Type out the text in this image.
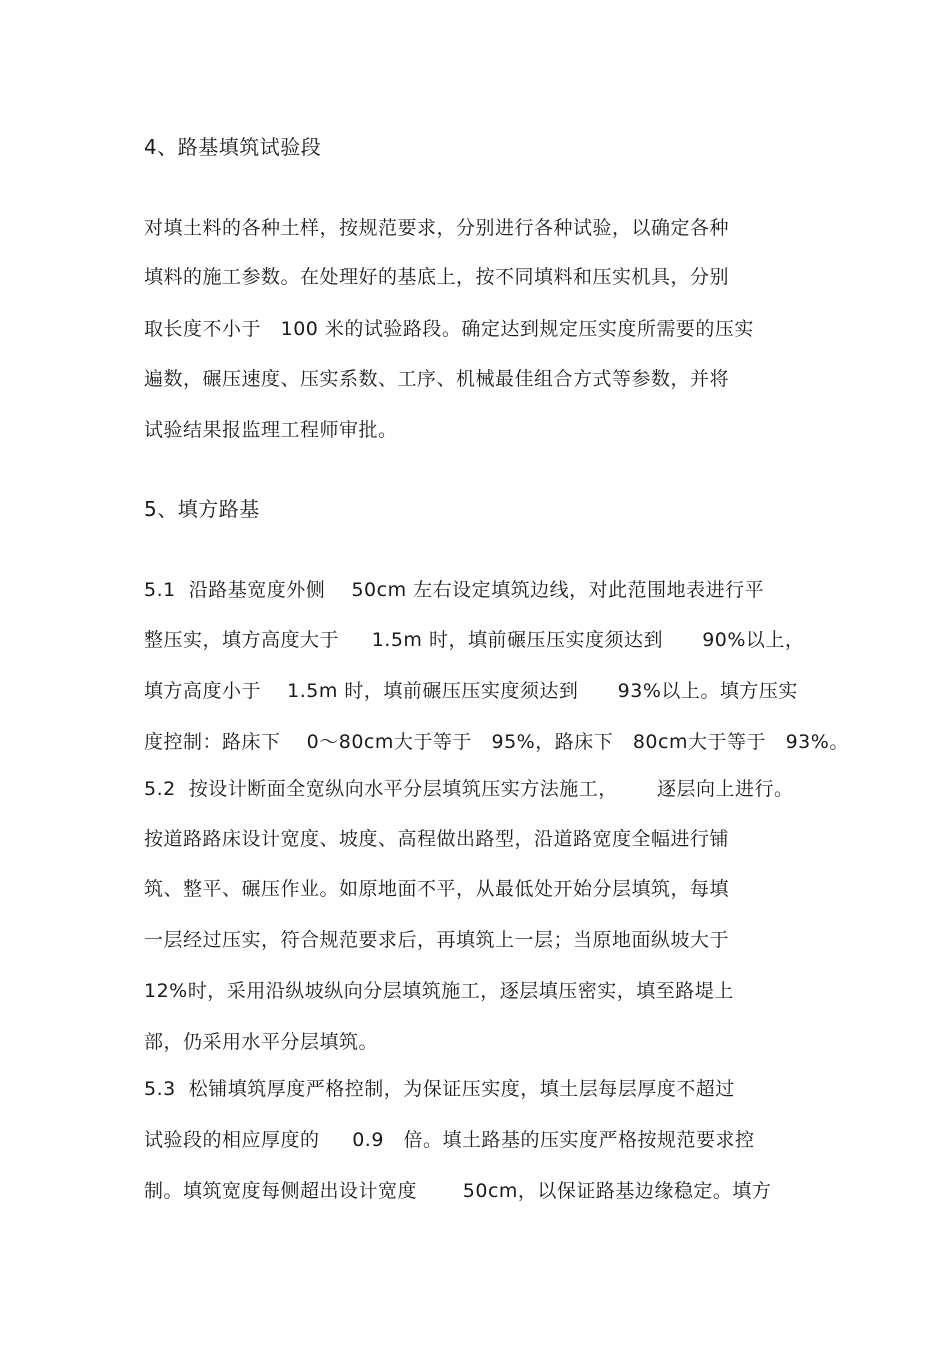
4、路基填筑试验段
对填土料的各种土样，按规范要求，分别进行各种试验，以确定各种
填料的施工参数。在处理好的基底上，按不同填料和压实机具，分别
取长度不小于   100 米的试验路段。确定达到规定压实度所需要的压实
遍数，碾压速度、压实系数、工序、机械最佳组合方式等参数，并将
试验结果报监理工程师审批。
5、填方路基
5.1  沿路基宽度外侧    50cm 左右设定填筑边线，对此范围地表进行平
整压实，填方高度大于     1.5m 时，填前碾压压实度须达到      90%以上，
填方高度小于    1.5m 时，填前碾压压实度须达到      93%以上。填方压实
度控制：路床下    0～80cm大于等于   95%，路床下   80cm大于等于   93%。
5.2  按设计断面全宽纵向水平分层填筑压实方法施工，      逐层向上进行。
按道路路床设计宽度、坡度、高程做出路型，沿道路宽度全幅进行铺
筑、整平、碾压作业。如原地面不平，从最低处开始分层填筑，每填
一层经过压实，符合规范要求后，再填筑上一层；当原地面纵坡大于
12%时，采用沿纵坡纵向分层填筑施工，逐层填压密实，填至路堤上
部，仍采用水平分层填筑。
5.3  松铺填筑厚度严格控制，为保证压实度，填土层每层厚度不超过
试验段的相应厚度的     0.9   倍。填土路基的压实度严格按规范要求控
制。填筑宽度每侧超出设计宽度       50cm，以保证路基边缘稳定。填方
